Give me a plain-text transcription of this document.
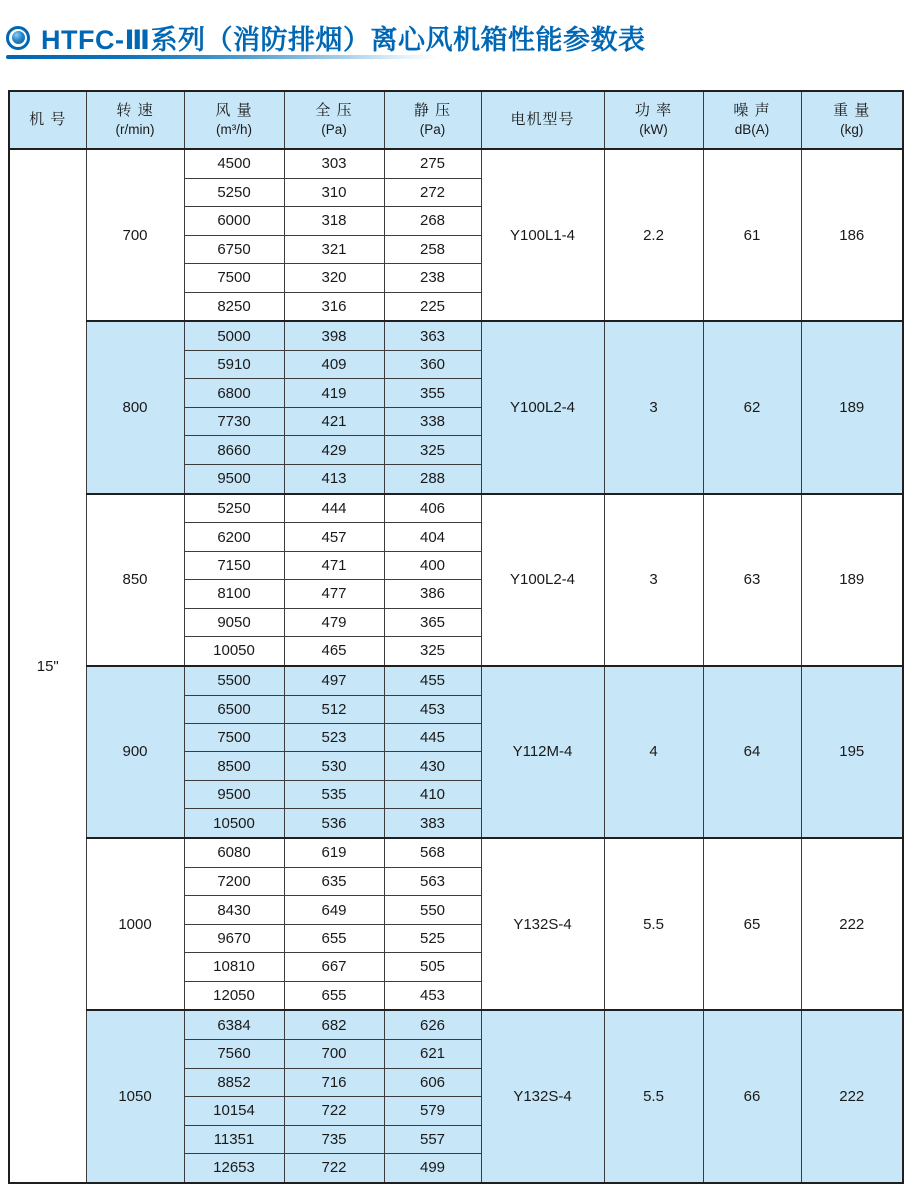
HTFC-Ⅲ系列（消防排烟）离心风机箱性能参数表
机 号	转 速
(r/min)	风 量
(m³/h)	全 压
(Pa)	静 压
(Pa)	电机型号	功 率
(kW)	噪 声
dB(A)	重 量
(kg)

15"	700	4500	303	275	Y100L1-4	2.2	61	186
		5250	310	272				
		6000	318	268				
		6750	321	258				
		7500	320	238				
		8250	316	225				
	800	5000	398	363	Y100L2-4	3	62	189
		5910	409	360				
		6800	419	355				
		7730	421	338				
		8660	429	325				
		9500	413	288				
	850	5250	444	406	Y100L2-4	3	63	189
		6200	457	404				
		7150	471	400				
		8100	477	386				
		9050	479	365				
		10050	465	325				
	900	5500	497	455	Y112M-4	4	64	195
		6500	512	453				
		7500	523	445				
		8500	530	430				
		9500	535	410				
		10500	536	383				
	1000	6080	619	568	Y132S-4	5.5	65	222
		7200	635	563				
		8430	649	550				
		9670	655	525				
		10810	667	505				
		12050	655	453				
	1050	6384	682	626	Y132S-4	5.5	66	222
		7560	700	621				
		8852	716	606				
		10154	722	579				
		11351	735	557				
		12653	722	499				
